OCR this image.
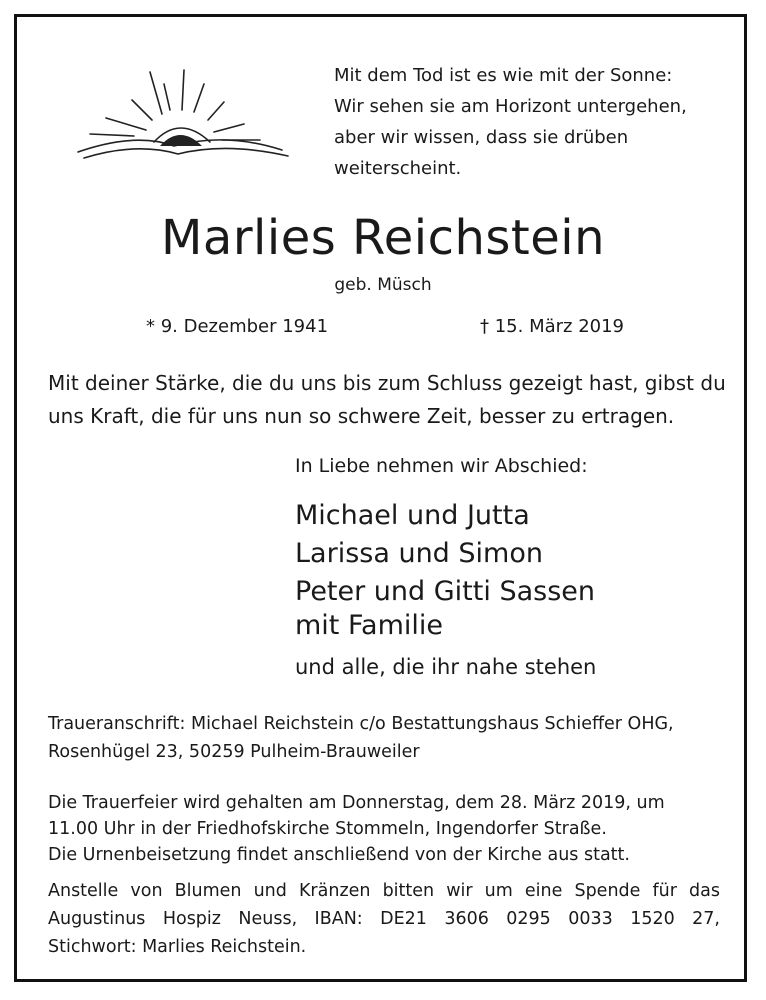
Mit dem Tod ist es wie mit der Sonne:
Wir sehen sie am Horizont untergehen,
aber wir wissen, dass sie drüben
weiterscheint.
Marlies Reichstein
geb. Müsch
* 9. Dezember 1941	† 15. März 2019
Mit deiner Stärke, die du uns bis zum Schluss gezeigt hast, gibst du
uns Kraft, die für uns nun so schwere Zeit, besser zu ertragen.
In Liebe nehmen wir Abschied:
Michael und Jutta
Larissa und Simon
Peter und Gitti Sassen
mit Familie
und alle, die ihr nahe stehen
Traueranschrift: Michael Reichstein c/o Bestattungshaus Schieffer OHG,
Rosenhügel 23, 50259 Pulheim-Brauweiler
Die Trauerfeier wird gehalten am Donnerstag, dem 28. März 2019, um
11.00 Uhr in der Friedhofskirche Stommeln, Ingendorfer Straße.
Die Urnenbeisetzung findet anschließend von der Kirche aus statt.
Anstelle von Blumen und Kränzen bitten wir um eine Spende für das
Augustinus Hospiz Neuss, IBAN: DE21 3606 0295 0033 1520 27,
Stichwort: Marlies Reichstein.
